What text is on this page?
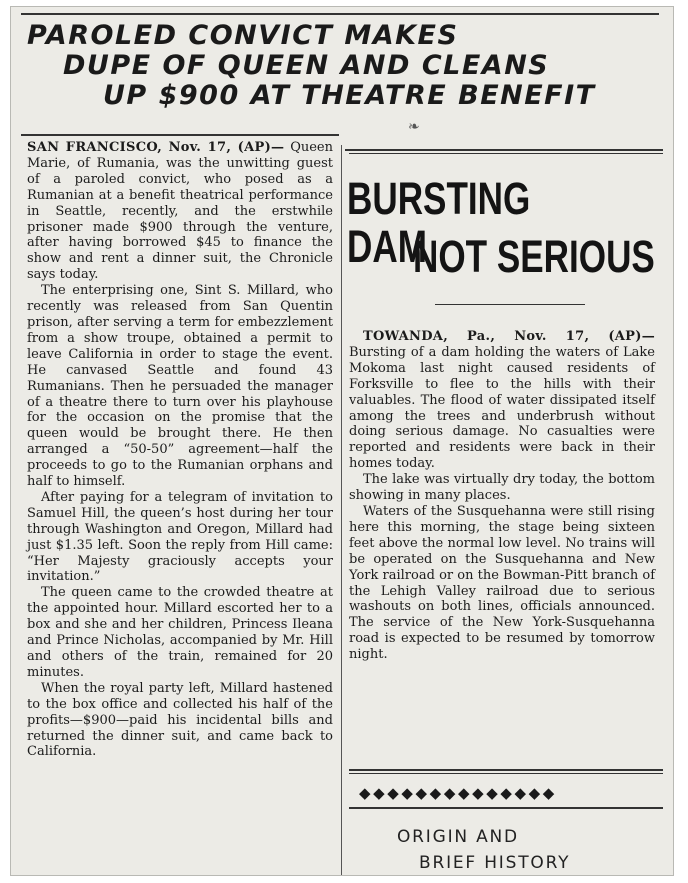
PAROLED CONVICT MAKES
DUPE OF QUEEN AND CLEANS
UP $900 AT THEATRE BENEFIT
❧

SAN FRANCISCO, Nov. 17, (AP)— Queen Marie, of Rumania, was the unwitting guest of a paroled convict, who posed as a Rumanian at a benefit theatrical performance in Seattle, recently, and the erstwhile prisoner made $900 through the venture, after having borrowed $45 to finance the show and rent a dinner suit, the Chronicle says today.

The enterprising one, Sint S. Millard, who recently was released from San Quentin prison, after serving a term for embezzlement from a show troupe, obtained a permit to leave California in order to stage the event. He canvased Seattle and found 43 Rumanians. Then he persuaded the manager of a theatre there to turn over his playhouse for the occasion on the promise that the queen would be brought there. He then arranged a “50-50” agreement—half the proceeds to go to the Rumanian orphans and half to himself.

After paying for a telegram of invitation to Samuel Hill, the queen’s host during her tour through Washington and Oregon, Millard had just $1.35 left. Soon the reply from Hill came: “Her Majesty graciously accepts your invitation.”

The queen came to the crowded theatre at the appointed hour. Millard escorted her to a box and she and her children, Princess Ileana and Prince Nicholas, accompanied by Mr. Hill and others of the train, remained for 20 minutes.

When the royal party left, Millard hastened to the box office and collected his half of the profits—$900—paid his incidental bills and returned the dinner suit, and came back to California.

BURSTING DAM
NOT SERIOUS

TOWANDA, Pa., Nov. 17, (AP)— Bursting of a dam holding the waters of Lake Mokoma last night caused residents of Forksville to flee to the hills with their valuables. The flood of water dissipated itself among the trees and underbrush without doing serious damage. No casualties were reported and residents were back in their homes today.

The lake was virtually dry today, the bottom showing in many places.

Waters of the Susquehanna were still rising here this morning, the stage being sixteen feet above the normal low level. No trains will be operated on the Susquehanna and New York railroad or on the Bowman-Pitt branch of the Lehigh Valley railroad due to serious washouts on both lines, officials announced. The service of the New York-Susquehanna road is expected to be resumed by tomorrow night.

◆◆◆◆◆◆◆◆◆◆◆◆◆◆
ORIGIN AND
BRIEF HISTORY
